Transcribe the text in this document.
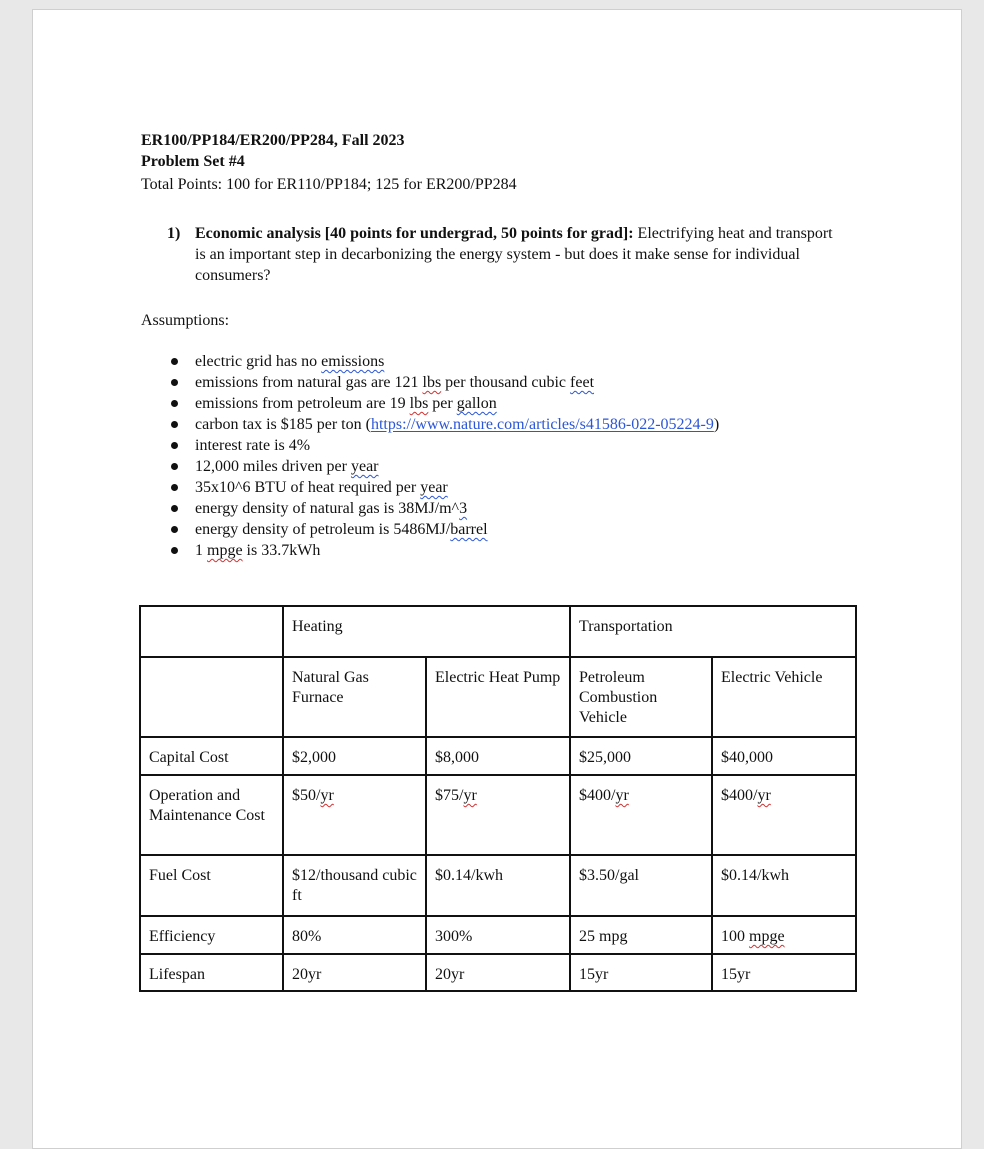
ER100/PP184/ER200/PP284, Fall 2023

Problem Set #4

Total Points: 100 for ER110/PP184; 125 for ER200/PP284

1) Economic analysis [40 points for undergrad, 50 points for grad]: Electrifying heat and transport is an important step in decarbonizing the energy system - but does it make sense for individual consumers?

Assumptions:

electric grid has no emissions
emissions from natural gas are 121 lbs per thousand cubic feet
emissions from petroleum are 19 lbs per gallon
carbon tax is $185 per ton (https://www.nature.com/articles/s41586-022-05224-9)
interest rate is 4%
12,000 miles driven per year
35x10^6 BTU of heat required per year
energy density of natural gas is 38MJ/m^3
energy density of petroleum is 5486MJ/barrel
1 mpge is 33.7kWh
	Heating		Transportation	
	Natural Gas Furnace	Electric Heat Pump	Petroleum Combustion Vehicle	Electric Vehicle
Capital Cost	$2,000	$8,000	$25,000	$40,000
Operation and Maintenance Cost	$50/yr	$75/yr	$400/yr	$400/yr
Fuel Cost	$12/thousand cubic ft	$0.14/kwh	$3.50/gal	$0.14/kwh
Efficiency	80%	300%	25 mpg	100 mpge
Lifespan	20yr	20yr	15yr	15yr
